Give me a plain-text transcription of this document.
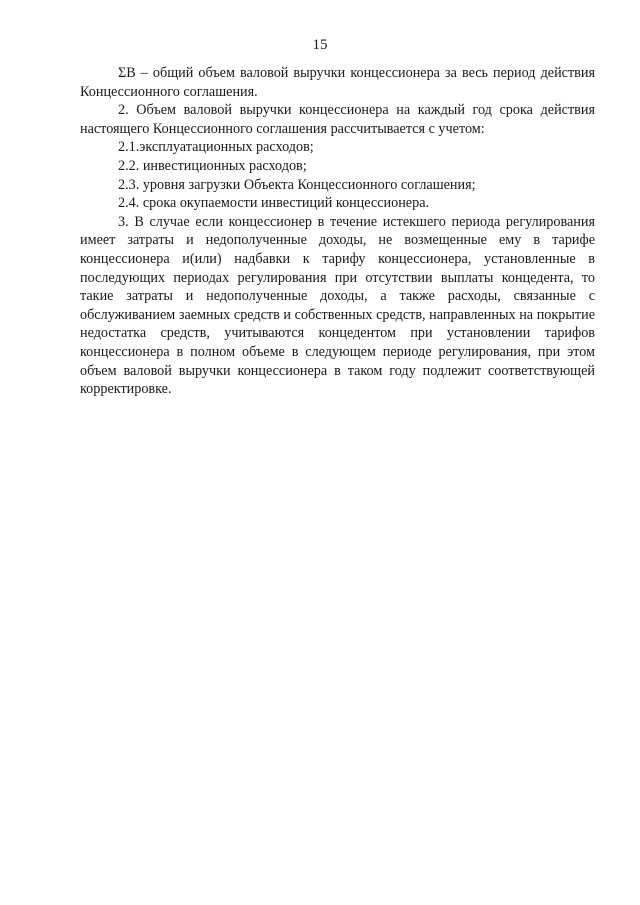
15

ΣB – общий объем валовой выручки концессионера за весь период действия Концессионного соглашения.

2. Объем валовой выручки концессионера на каждый год срока действия настоящего Концессионного соглашения рассчитывается с учетом:

2.1.эксплуатационных расходов;

2.2. инвестиционных расходов;

2.3. уровня загрузки Объекта Концессионного соглашения;

2.4. срока окупаемости инвестиций концессионера.

3. В случае если концессионер в течение истекшего периода регулирования имеет затраты и недополученные доходы, не возмещенные ему в тарифе концессионера и(или) надбавки к тарифу концессионера, установленные в последующих периодах регулирования при отсутствии выплаты концедента, то такие затраты и недополученные доходы, а также расходы, связанные с обслуживанием заемных средств и собственных средств, направленных на покрытие недостатка средств, учитываются концедентом при установлении тарифов концессионера в полном объеме в следующем периоде регулирования, при этом объем валовой выручки концессионера в таком году подлежит соответствующей корректировке.
